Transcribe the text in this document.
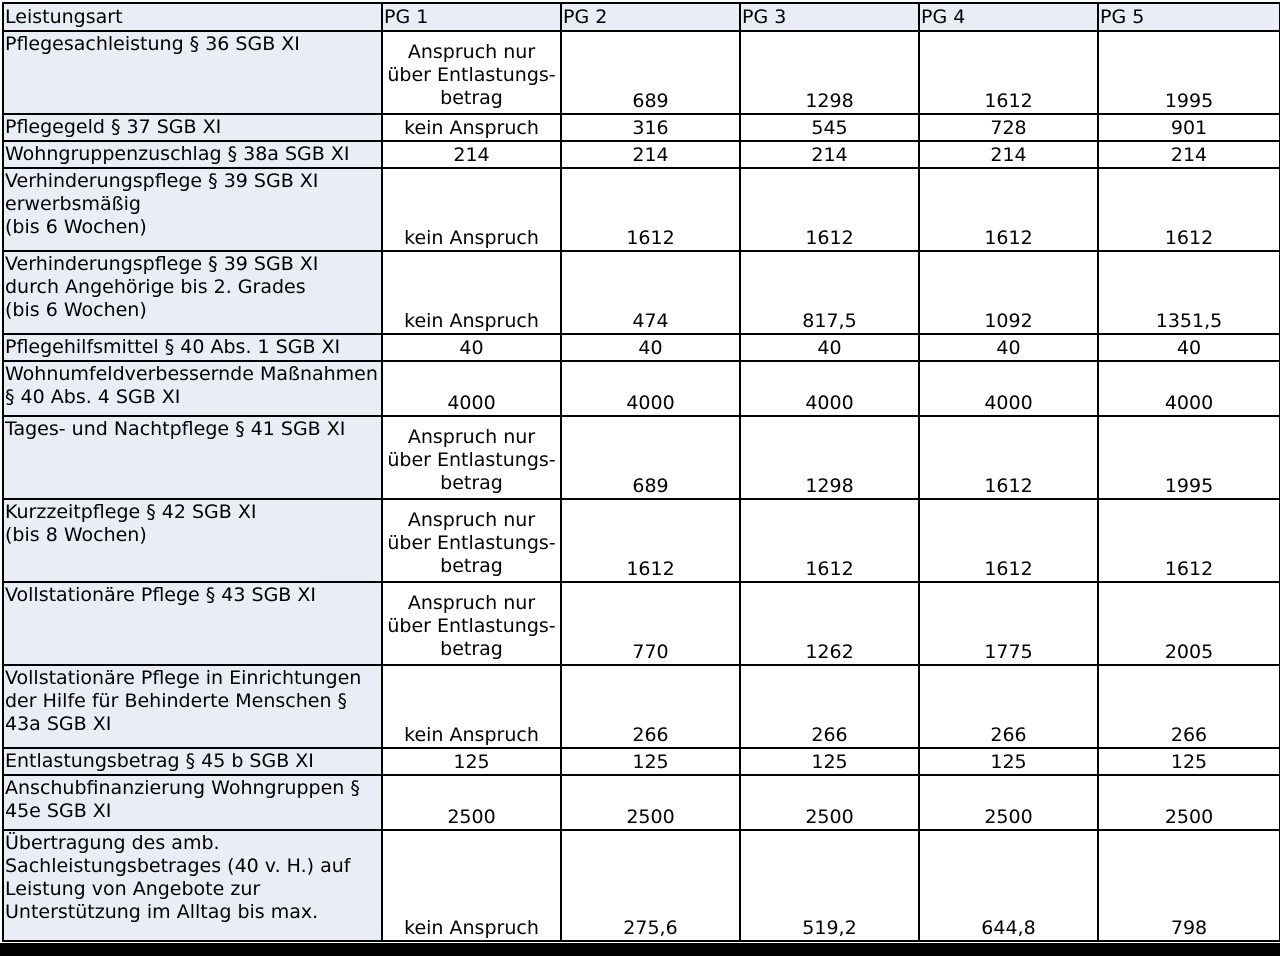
Leistungsart	PG 1	PG 2	PG 3	PG 4	PG 5

Pflegesachleistung § 36 SGB XI	Anspruch nur
über Entlastungs-
betrag	689	1298	1612	1995

Pflegegeld § 37 SGB XI	kein Anspruch	316	545	728	901

Wohngruppenzuschlag § 38a SGB XI	214	214	214	214	214

Verhinderungspflege § 39 SGB XI
erwerbsmäßig
(bis 6 Wochen)	kein Anspruch	1612	1612	1612	1612

Verhinderungspflege § 39 SGB XI
durch Angehörige bis 2. Grades
(bis 6 Wochen)	kein Anspruch	474	817,5	1092	1351,5

Pflegehilfsmittel § 40 Abs. 1 SGB XI	40	40	40	40	40

Wohnumfeldverbessernde Maßnahmen
§ 40 Abs. 4 SGB XI	4000	4000	4000	4000	4000

Tages- und Nachtpflege § 41 SGB XI	Anspruch nur
über Entlastungs-
betrag	689	1298	1612	1995

Kurzzeitpflege § 42 SGB XI
(bis 8 Wochen)	Anspruch nur
über Entlastungs-
betrag	1612	1612	1612	1612

Vollstationäre Pflege § 43 SGB XI	Anspruch nur
über Entlastungs-
betrag	770	1262	1775	2005

Vollstationäre Pflege in Einrichtungen
der Hilfe für Behinderte Menschen §
43a SGB XI	kein Anspruch	266	266	266	266

Entlastungsbetrag § 45 b SGB XI	125	125	125	125	125

Anschubfinanzierung Wohngruppen §
45e SGB XI	2500	2500	2500	2500	2500

Übertragung des amb.
Sachleistungsbetrages (40 v. H.) auf
Leistung von Angebote zur
Unterstützung im Alltag bis max.	kein Anspruch	275,6	519,2	644,8	798
